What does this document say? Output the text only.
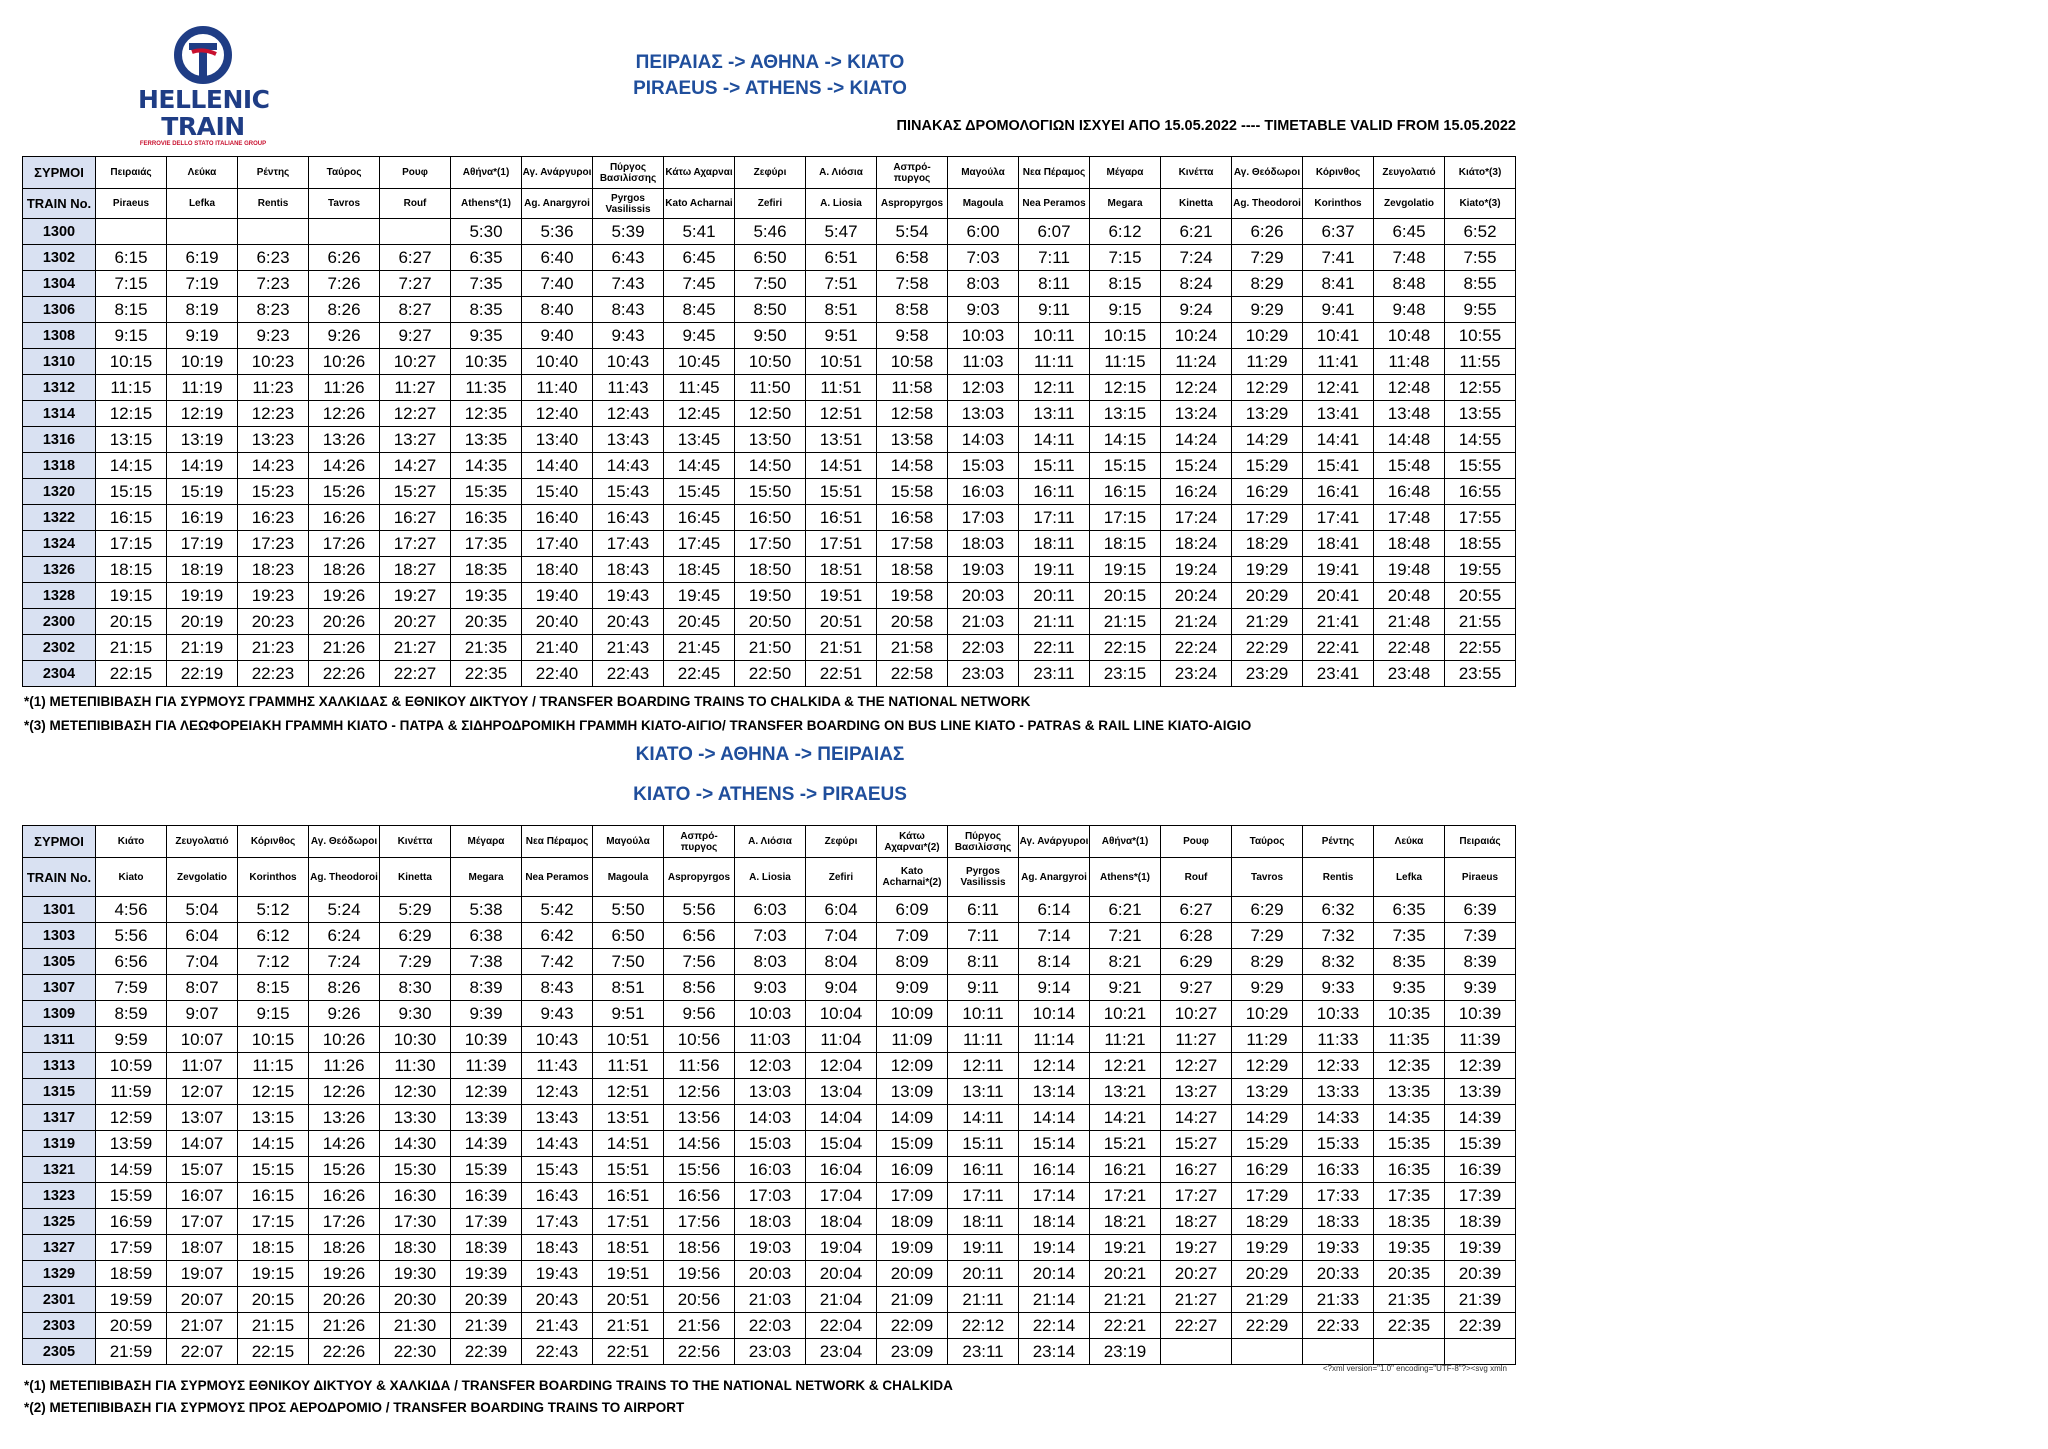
HELLENIC
TRAIN
FERROVIE DELLO STATO ITALIANE GROUP
ΠΕΙΡΑΙΑΣ -> ΑΘΗΝΑ -> ΚΙΑΤΟ
PIRAEUS -> ATHENS -> KIATO
ΠΙΝΑΚΑΣ ΔΡΟΜΟΛΟΓΙΩΝ ΙΣΧΥΕΙ ΑΠΟ 15.05.2022 ---- TIMETABLE VALID FROM 15.05.2022
ΣΥΡΜΟΙ	Πειραιάς	Λεύκα	Ρέντης	Ταύρος	Ρουφ	Αθήνα*(1)	Αγ. Ανάργυροι	Πύργος Βασιλίσσης	Κάτω Αχαρναι	Ζεφύρι	Α. Λιόσια	Ασπρό-πυργος	Μαγούλα	Νεα Πέραμος	Μέγαρα	Κινέττα	Αγ. Θεόδωροι	Κόρινθος	Ζευγολατιό	Κιάτο*(3)
TRAIN No.	Piraeus	Lefka	Rentis	Tavros	Rouf	Athens*(1)	Ag. Anargyroi	Pyrgos Vasilissis	Kato Acharnai	Zefiri	A. Liosia	Aspropyrgos	Magoula	Nea Peramos	Megara	Kinetta	Ag. Theodoroi	Korinthos	Zevgolatio	Kiato*(3)
1300						5:30	5:36	5:39	5:41	5:46	5:47	5:54	6:00	6:07	6:12	6:21	6:26	6:37	6:45	6:52
1302	6:15	6:19	6:23	6:26	6:27	6:35	6:40	6:43	6:45	6:50	6:51	6:58	7:03	7:11	7:15	7:24	7:29	7:41	7:48	7:55
1304	7:15	7:19	7:23	7:26	7:27	7:35	7:40	7:43	7:45	7:50	7:51	7:58	8:03	8:11	8:15	8:24	8:29	8:41	8:48	8:55
1306	8:15	8:19	8:23	8:26	8:27	8:35	8:40	8:43	8:45	8:50	8:51	8:58	9:03	9:11	9:15	9:24	9:29	9:41	9:48	9:55
1308	9:15	9:19	9:23	9:26	9:27	9:35	9:40	9:43	9:45	9:50	9:51	9:58	10:03	10:11	10:15	10:24	10:29	10:41	10:48	10:55
1310	10:15	10:19	10:23	10:26	10:27	10:35	10:40	10:43	10:45	10:50	10:51	10:58	11:03	11:11	11:15	11:24	11:29	11:41	11:48	11:55
1312	11:15	11:19	11:23	11:26	11:27	11:35	11:40	11:43	11:45	11:50	11:51	11:58	12:03	12:11	12:15	12:24	12:29	12:41	12:48	12:55
1314	12:15	12:19	12:23	12:26	12:27	12:35	12:40	12:43	12:45	12:50	12:51	12:58	13:03	13:11	13:15	13:24	13:29	13:41	13:48	13:55
1316	13:15	13:19	13:23	13:26	13:27	13:35	13:40	13:43	13:45	13:50	13:51	13:58	14:03	14:11	14:15	14:24	14:29	14:41	14:48	14:55
1318	14:15	14:19	14:23	14:26	14:27	14:35	14:40	14:43	14:45	14:50	14:51	14:58	15:03	15:11	15:15	15:24	15:29	15:41	15:48	15:55
1320	15:15	15:19	15:23	15:26	15:27	15:35	15:40	15:43	15:45	15:50	15:51	15:58	16:03	16:11	16:15	16:24	16:29	16:41	16:48	16:55
1322	16:15	16:19	16:23	16:26	16:27	16:35	16:40	16:43	16:45	16:50	16:51	16:58	17:03	17:11	17:15	17:24	17:29	17:41	17:48	17:55
1324	17:15	17:19	17:23	17:26	17:27	17:35	17:40	17:43	17:45	17:50	17:51	17:58	18:03	18:11	18:15	18:24	18:29	18:41	18:48	18:55
1326	18:15	18:19	18:23	18:26	18:27	18:35	18:40	18:43	18:45	18:50	18:51	18:58	19:03	19:11	19:15	19:24	19:29	19:41	19:48	19:55
1328	19:15	19:19	19:23	19:26	19:27	19:35	19:40	19:43	19:45	19:50	19:51	19:58	20:03	20:11	20:15	20:24	20:29	20:41	20:48	20:55
2300	20:15	20:19	20:23	20:26	20:27	20:35	20:40	20:43	20:45	20:50	20:51	20:58	21:03	21:11	21:15	21:24	21:29	21:41	21:48	21:55
2302	21:15	21:19	21:23	21:26	21:27	21:35	21:40	21:43	21:45	21:50	21:51	21:58	22:03	22:11	22:15	22:24	22:29	22:41	22:48	22:55
2304	22:15	22:19	22:23	22:26	22:27	22:35	22:40	22:43	22:45	22:50	22:51	22:58	23:03	23:11	23:15	23:24	23:29	23:41	23:48	23:55
*(1) ΜΕΤΕΠΙΒΙΒΑΣΗ ΓΙΑ ΣΥΡΜΟΥΣ ΓΡΑΜΜΗΣ ΧΑΛΚΙΔΑΣ & ΕΘΝΙΚΟΥ ΔΙΚΤΥΟΥ / TRANSFER BOARDING TRAINS TO CHALKIDA & THE NATIONAL NETWORK
*(3) ΜΕΤΕΠΙΒΙΒΑΣΗ ΓΙΑ ΛΕΩΦΟΡΕΙΑΚΗ ΓΡΑΜΜΗ ΚΙΑΤΟ - ΠΑΤΡΑ & ΣΙΔΗΡΟΔΡΟΜΙΚΗ ΓΡΑΜΜΗ ΚΙΑΤΟ-ΑΙΓΙΟ/ TRANSFER BOARDING ON BUS LINE KIATO - PATRAS & RAIL LINE KIATO-AIGIO
ΚΙΑΤΟ -> ΑΘΗΝΑ -> ΠΕΙΡΑΙΑΣ
KIATO -> ATHENS -> PIRAEUS
ΣΥΡΜΟΙ	Κιάτο	Ζευγολατιό	Κόρινθος	Αγ. Θεόδωροι	Κινέττα	Μέγαρα	Νεα Πέραμος	Μαγούλα	Ασπρό-πυργος	Α. Λιόσια	Ζεφύρι	Κάτω Αχαρναι*(2)	Πύργος Βασιλίσσης	Αγ. Ανάργυροι	Αθήνα*(1)	Ρουφ	Ταύρος	Ρέντης	Λεύκα	Πειραιάς
TRAIN No.	Kiato	Zevgolatio	Korinthos	Ag. Theodoroi	Kinetta	Megara	Nea Peramos	Magoula	Aspropyrgos	A. Liosia	Zefiri	Kato Acharnai*(2)	Pyrgos Vasilissis	Ag. Anargyroi	Athens*(1)	Rouf	Tavros	Rentis	Lefka	Piraeus
1301	4:56	5:04	5:12	5:24	5:29	5:38	5:42	5:50	5:56	6:03	6:04	6:09	6:11	6:14	6:21	6:27	6:29	6:32	6:35	6:39
1303	5:56	6:04	6:12	6:24	6:29	6:38	6:42	6:50	6:56	7:03	7:04	7:09	7:11	7:14	7:21	6:28	7:29	7:32	7:35	7:39
1305	6:56	7:04	7:12	7:24	7:29	7:38	7:42	7:50	7:56	8:03	8:04	8:09	8:11	8:14	8:21	6:29	8:29	8:32	8:35	8:39
1307	7:59	8:07	8:15	8:26	8:30	8:39	8:43	8:51	8:56	9:03	9:04	9:09	9:11	9:14	9:21	9:27	9:29	9:33	9:35	9:39
1309	8:59	9:07	9:15	9:26	9:30	9:39	9:43	9:51	9:56	10:03	10:04	10:09	10:11	10:14	10:21	10:27	10:29	10:33	10:35	10:39
1311	9:59	10:07	10:15	10:26	10:30	10:39	10:43	10:51	10:56	11:03	11:04	11:09	11:11	11:14	11:21	11:27	11:29	11:33	11:35	11:39
1313	10:59	11:07	11:15	11:26	11:30	11:39	11:43	11:51	11:56	12:03	12:04	12:09	12:11	12:14	12:21	12:27	12:29	12:33	12:35	12:39
1315	11:59	12:07	12:15	12:26	12:30	12:39	12:43	12:51	12:56	13:03	13:04	13:09	13:11	13:14	13:21	13:27	13:29	13:33	13:35	13:39
1317	12:59	13:07	13:15	13:26	13:30	13:39	13:43	13:51	13:56	14:03	14:04	14:09	14:11	14:14	14:21	14:27	14:29	14:33	14:35	14:39
1319	13:59	14:07	14:15	14:26	14:30	14:39	14:43	14:51	14:56	15:03	15:04	15:09	15:11	15:14	15:21	15:27	15:29	15:33	15:35	15:39
1321	14:59	15:07	15:15	15:26	15:30	15:39	15:43	15:51	15:56	16:03	16:04	16:09	16:11	16:14	16:21	16:27	16:29	16:33	16:35	16:39
1323	15:59	16:07	16:15	16:26	16:30	16:39	16:43	16:51	16:56	17:03	17:04	17:09	17:11	17:14	17:21	17:27	17:29	17:33	17:35	17:39
1325	16:59	17:07	17:15	17:26	17:30	17:39	17:43	17:51	17:56	18:03	18:04	18:09	18:11	18:14	18:21	18:27	18:29	18:33	18:35	18:39
1327	17:59	18:07	18:15	18:26	18:30	18:39	18:43	18:51	18:56	19:03	19:04	19:09	19:11	19:14	19:21	19:27	19:29	19:33	19:35	19:39
1329	18:59	19:07	19:15	19:26	19:30	19:39	19:43	19:51	19:56	20:03	20:04	20:09	20:11	20:14	20:21	20:27	20:29	20:33	20:35	20:39
2301	19:59	20:07	20:15	20:26	20:30	20:39	20:43	20:51	20:56	21:03	21:04	21:09	21:11	21:14	21:21	21:27	21:29	21:33	21:35	21:39
2303	20:59	21:07	21:15	21:26	21:30	21:39	21:43	21:51	21:56	22:03	22:04	22:09	22:12	22:14	22:21	22:27	22:29	22:33	22:35	22:39
2305	21:59	22:07	22:15	22:26	22:30	22:39	22:43	22:51	22:56	23:03	23:04	23:09	23:11	23:14	23:19					
<?xml version="1.0" encoding="UTF-8"?><svg xmln
*(1) ΜΕΤΕΠΙΒΙΒΑΣΗ ΓΙΑ ΣΥΡΜΟΥΣ ΕΘΝΙΚΟΥ ΔΙΚΤΥΟΥ & ΧΑΛΚΙΔΑ / TRANSFER BOARDING TRAINS TO THE NATIONAL NETWORK & CHALKIDA
*(2) ΜΕΤΕΠΙΒΙΒΑΣΗ ΓΙΑ ΣΥΡΜΟΥΣ ΠΡΟΣ ΑΕΡΟΔΡΟΜΙΟ / TRANSFER BOARDING TRAINS TO AIRPORT
